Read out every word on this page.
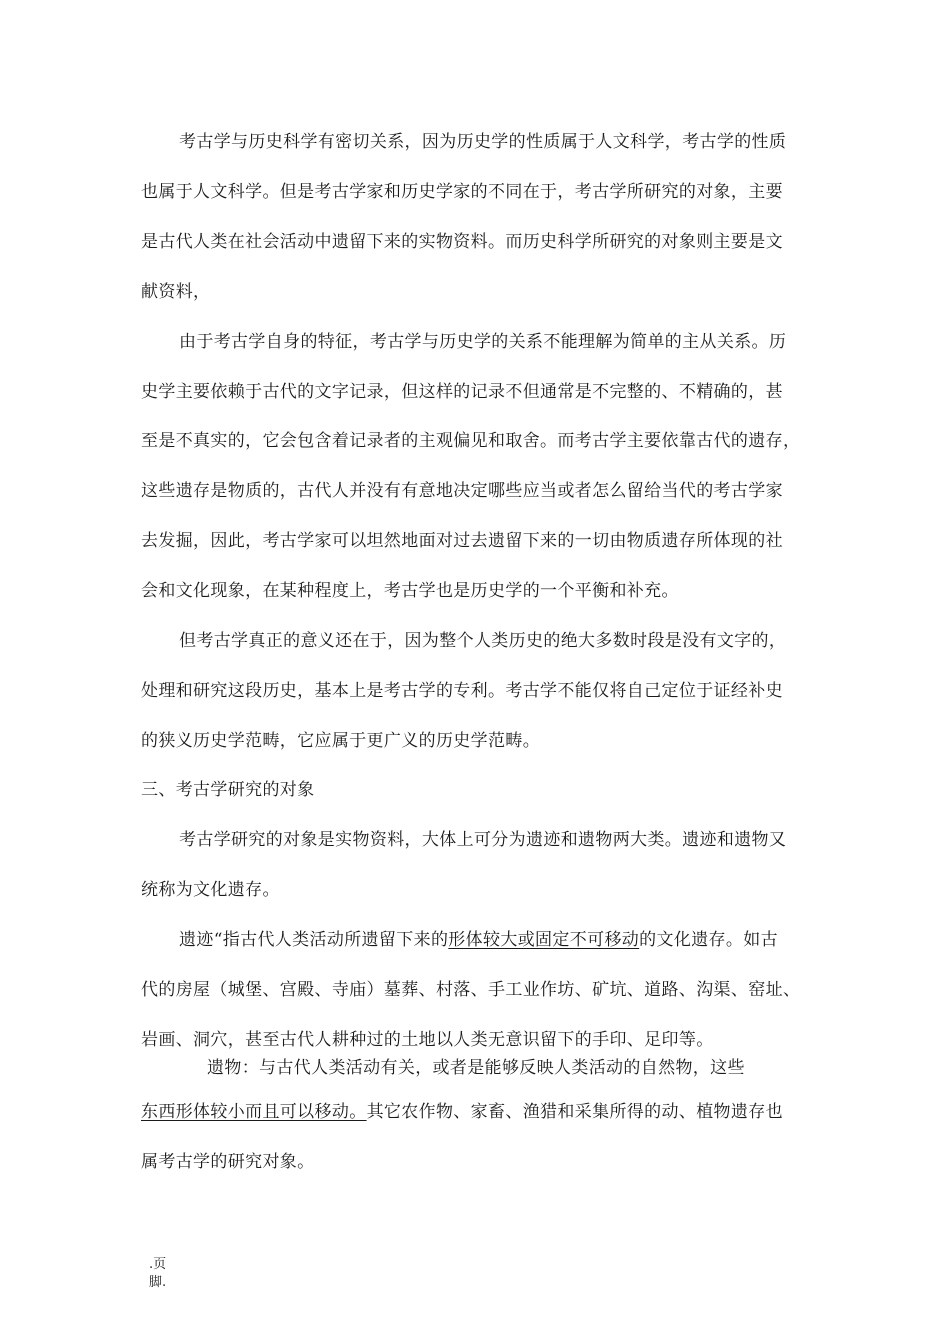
考古学与历史科学有密切关系，因为历史学的性质属于人文科学，考古学的性质
也属于人文科学。但是考古学家和历史学家的不同在于，考古学所研究的对象，主要
是古代人类在社会活动中遗留下来的实物资料。而历史科学所研究的对象则主要是文
献资料，
由于考古学自身的特征，考古学与历史学的关系不能理解为简单的主从关系。历
史学主要依赖于古代的文字记录，但这样的记录不但通常是不完整的、不精确的，甚
至是不真实的，它会包含着记录者的主观偏见和取舍。而考古学主要依靠古代的遗存，
这些遗存是物质的，古代人并没有有意地决定哪些应当或者怎么留给当代的考古学家
去发掘，因此，考古学家可以坦然地面对过去遗留下来的一切由物质遗存所体现的社
会和文化现象，在某种程度上，考古学也是历史学的一个平衡和补充。
但考古学真正的意义还在于，因为整个人类历史的绝大多数时段是没有文字的，
处理和研究这段历史，基本上是考古学的专利。考古学不能仅将自己定位于证经补史
的狭义历史学范畴，它应属于更广义的历史学范畴。
三、考古学研究的对象
考古学研究的对象是实物资料，大体上可分为遗迹和遗物两大类。遗迹和遗物又
统称为文化遗存。
遗迹“指古代人类活动所遗留下来的形体较大或固定不可移动的文化遗存。如古
代的房屋（城堡、宫殿、寺庙）墓葬、村落、手工业作坊、矿坑、道路、沟渠、窑址、
岩画、洞穴，甚至古代人耕种过的土地以人类无意识留下的手印、足印等。
遗物：与古代人类活动有关，或者是能够反映人类活动的自然物，这些
东西形体较小而且可以移动。其它农作物、家畜、渔猎和采集所得的动、植物遗存也
属考古学的研究对象。
.页
脚.
